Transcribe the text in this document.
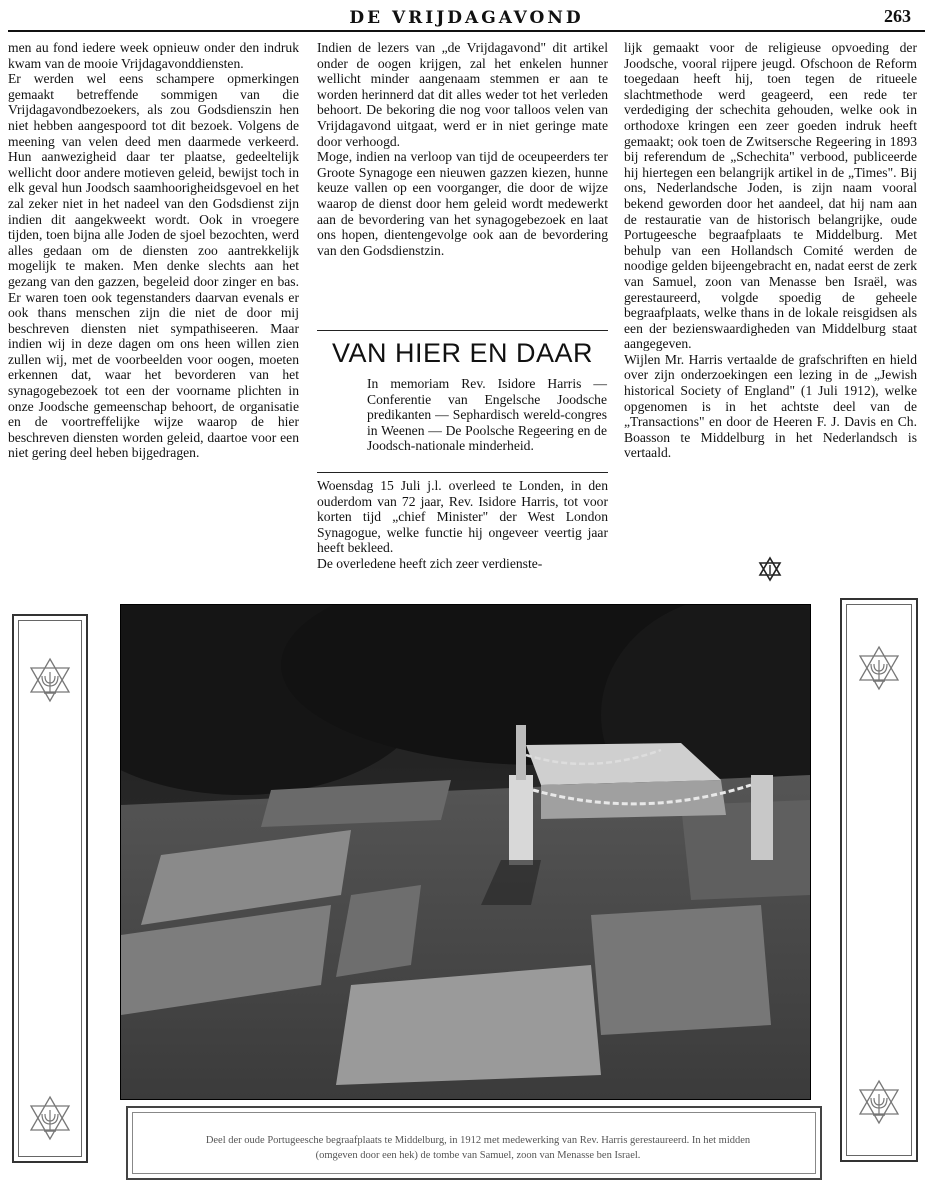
DE VRIJDAGAVOND	263

men au fond iedere week opnieuw onder den indruk kwam van de mooie Vrijdagavonddiensten.

Er werden wel eens schampere opmerkingen gemaakt betreffende sommigen van die Vrijdagavondbezoekers, als zou Godsdienszin hen niet hebben aangespoord tot dit bezoek. Volgens de meening van velen deed men daarmede verkeerd. Hun aanwezigheid daar ter plaatse, gedeeltelijk wellicht door andere motieven geleid, bewijst toch in elk geval hun Joodsch saamhoorigheidsgevoel en het zal zeker niet in het nadeel van den Godsdienst zijn indien dit aangekweekt wordt. Ook in vroegere tijden, toen bijna alle Joden de sjoel bezochten, werd alles gedaan om de diensten zoo aantrekkelijk mogelijk te maken. Men denke slechts aan het gezang van den gazzen, begeleid door zinger en bas. Er waren toen ook tegenstanders daarvan evenals er ook thans menschen zijn die niet de door mij beschreven diensten niet sympathiseeren. Maar indien wij in deze dagen om ons heen willen zien zullen wij, met de voorbeelden voor oogen, moeten erkennen dat, waar het bevorderen van het synagogebezoek tot een der voorname plichten in onze Joodsche gemeenschap behoort, de organisatie en de voortreffelijke wijze waarop de hier beschreven diensten worden geleid, daartoe voor een niet gering deel heben bijgedragen.

Indien de lezers van „de Vrijdagavond" dit artikel onder de oogen krijgen, zal het enkelen hunner wellicht minder aangenaam stemmen er aan te worden herinnerd dat dit alles weder tot het verleden behoort. De bekoring die nog voor talloos velen van Vrijdagavond uitgaat, werd er in niet geringe mate door verhoogd.

Moge, indien na verloop van tijd de oceupeerders ter Groote Synagoge een nieuwen gazzen kiezen, hunne keuze vallen op een voorganger, die door de wijze waarop de dienst door hem geleid wordt medewerkt aan de bevordering van het synagogebezoek en laat ons hopen, dientengevolge ook aan de bevordering van den Godsdienstzin.

VAN HIER EN DAAR
In memoriam Rev. Isidore Harris — Conferentie van Engelsche Joodsche predikanten — Sephardisch wereld-congres in Weenen — De Poolsche Regeering en de Joodsch-nationale minderheid.

Woensdag 15 Juli j.l. overleed te Londen, in den ouderdom van 72 jaar, Rev. Isidore Harris, tot voor korten tijd „chief Minister" der West London Synagogue, welke functie hij ongeveer veertig jaar heeft bekleed.

De overledene heeft zich zeer verdienste-

lijk gemaakt voor de religieuse opvoeding der Joodsche, vooral rijpere jeugd. Ofschoon de Reform toegedaan heeft hij, toen tegen de ritueele slachtmethode werd geageerd, een rede ter verdediging der schechita gehouden, welke ook in orthodoxe kringen een zeer goeden indruk heeft gemaakt; ook toen de Zwitsersche Regeering in 1893 bij referendum de „Schechita" verbood, publiceerde hij hiertegen een belangrijk artikel in de „Times". Bij ons, Nederlandsche Joden, is zijn naam vooral bekend geworden door het aandeel, dat hij nam aan de restauratie van de historisch belangrijke, oude Portugeesche begraafplaats te Middelburg. Met behulp van een Hollandsch Comité werden de noodige gelden bijeengebracht en, nadat eerst de zerk van Samuel, zoon van Menasse ben Israël, was gerestaureerd, volgde spoedig de geheele begraafplaats, welke thans in de lokale reisgidsen als een der bezienswaardigheden van Middelburg staat aangegeven.

Wijlen Mr. Harris vertaalde de grafschriften en hield over zijn onderzoekingen een lezing in de „Jewish historical Society of England" (1 Juli 1912), welke opgenomen is in het achtste deel van de „Transactions" en door de Heeren F. J. Davis en Ch. Boasson te Middelburg in het Nederlandsch is vertaald.

Deel der oude Portugeesche begraafplaats te Middelburg, in 1912 met medewerking van Rev. Harris gerestaureerd. In het midden (omgeven door een hek) de tombe van Samuel, zoon van Menasse ben Israel.
